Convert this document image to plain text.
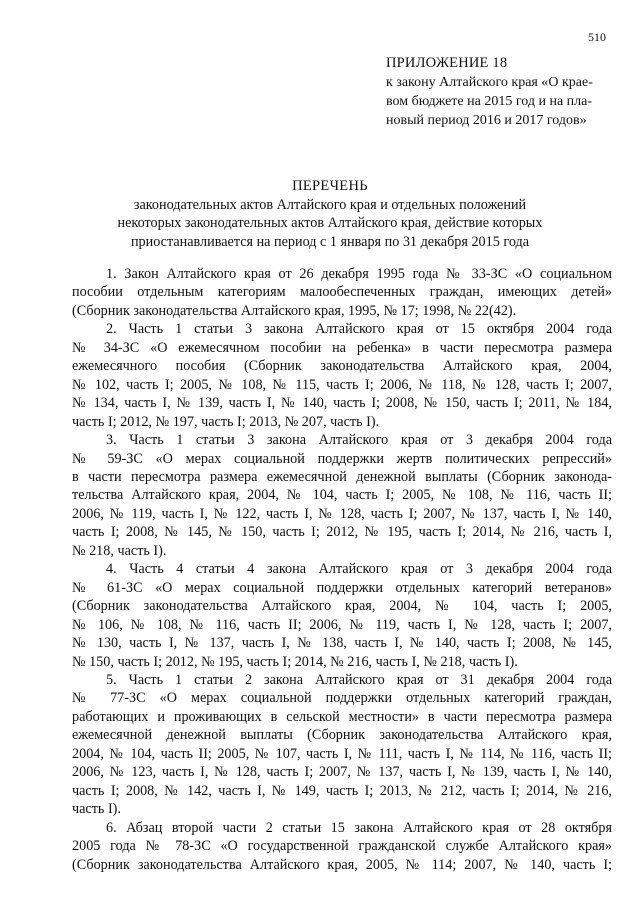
510
ПРИЛОЖЕНИЕ 18
к закону Алтайского края «О крае-
вом бюджете на 2015 год и на пла-
новый период 2016 и 2017 годов»
ПЕРЕЧЕНЬ
законодательных актов Алтайского края и отдельных положений
некоторых законодательных актов Алтайского края, действие которых
приостанавливается на период с 1 января по 31 декабря 2015 года
1. Закон Алтайского края от 26 декабря 1995 года № 33-ЗС «О социальном
пособии отдельным категориям малообеспеченных граждан, имеющих детей»
(Сборник законодательства Алтайского края, 1995, № 17; 1998, № 22(42).
2. Часть 1 статьи 3 закона Алтайского края от 15 октября 2004 года
№ 34-ЗС «О ежемесячном пособии на ребенка» в части пересмотра размера
ежемесячного пособия (Сборник законодательства Алтайского края, 2004,
№ 102, часть I; 2005, № 108, № 115, часть I; 2006, № 118, № 128, часть I; 2007,
№ 134, часть I, № 139, часть I, № 140, часть I; 2008, № 150, часть I; 2011, № 184,
часть I; 2012, № 197, часть I; 2013, № 207, часть I).
3. Часть 1 статьи 3 закона Алтайского края от 3 декабря 2004 года
№ 59-ЗС «О мерах социальной поддержки жертв политических репрессий»
в части пересмотра размера ежемесячной денежной выплаты (Сборник законода-
тельства Алтайского края, 2004, № 104, часть I; 2005, № 108, № 116, часть II;
2006, № 119, часть I, № 122, часть I, № 128, часть I; 2007, № 137, часть I, № 140,
часть I; 2008, № 145, № 150, часть I; 2012, № 195, часть I; 2014, № 216, часть I,
№ 218, часть I).
4. Часть 4 статьи 4 закона Алтайского края от 3 декабря 2004 года
№ 61-ЗС «О мерах социальной поддержки отдельных категорий ветеранов»
(Сборник законодательства Алтайского края, 2004, № 104, часть I; 2005,
№ 106, № 108, № 116, часть II; 2006, № 119, часть I, № 128, часть I; 2007,
№ 130, часть I, № 137, часть I, № 138, часть I, № 140, часть I; 2008, № 145,
№ 150, часть I; 2012, № 195, часть I; 2014, № 216, часть I, № 218, часть I).
5. Часть 1 статьи 2 закона Алтайского края от 31 декабря 2004 года
№ 77-ЗС «О мерах социальной поддержки отдельных категорий граждан,
работающих и проживающих в сельской местности» в части пересмотра размера
ежемесячной денежной выплаты (Сборник законодательства Алтайского края,
2004, № 104, часть II; 2005, № 107, часть I, № 111, часть I, № 114, № 116, часть II;
2006, № 123, часть I, № 128, часть I; 2007, № 137, часть I, № 139, часть I, № 140,
часть I; 2008, № 142, часть I, № 149, часть I; 2013, № 212, часть I; 2014, № 216,
часть I).
6. Абзац второй части 2 статьи 15 закона Алтайского края от 28 октября
2005 года № 78-ЗС «О государственной гражданской службе Алтайского края»
(Сборник законодательства Алтайского края, 2005, № 114; 2007, № 140, часть I;
